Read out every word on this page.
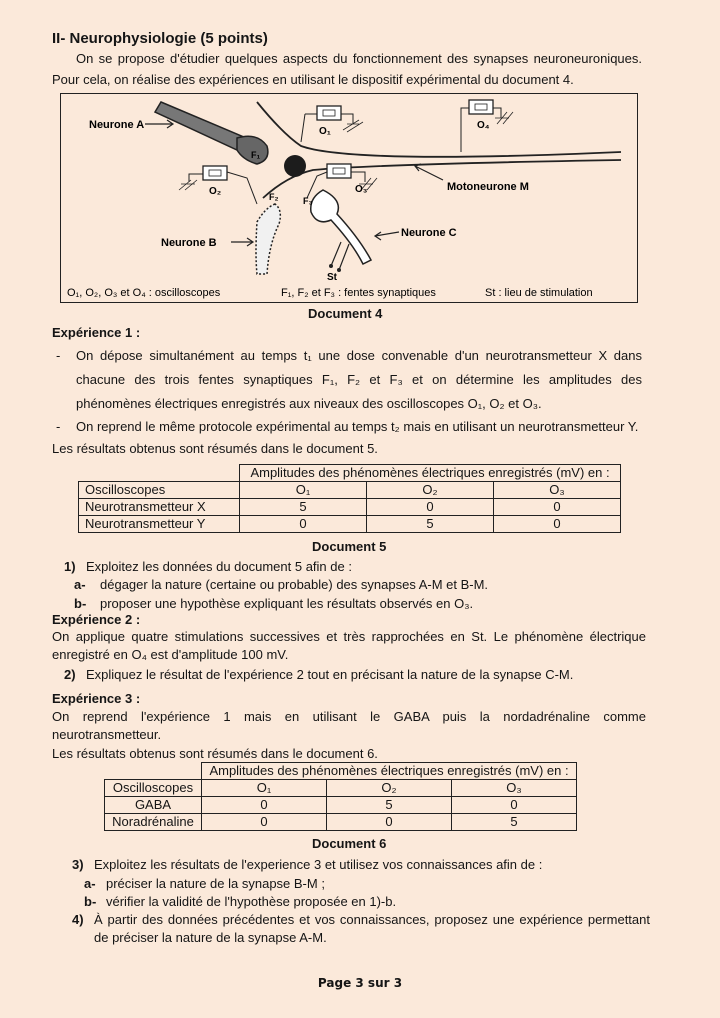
II- Neurophysiologie (5 points)
On se propose d'étudier quelques aspects du fonctionnement des synapses neuroneuroniques.
Pour cela, on réalise des expériences en utilisant le dispositif expérimental du document 4.
Neurone A
Neurone B
Neurone C
Motoneurone M
O₁
O₂	O₃
O₄
F₁
F₂	F₃
St
O₁, O₂, O₃ et O₄ : oscilloscopes	F₁, F₂ et F₃ : fentes synaptiques	St : lieu de stimulation
Document 4
Expérience 1 :
- On dépose simultanément au temps t₁ une dose convenable d'un neurotransmetteur X dans
chacune des trois fentes synaptiques F₁, F₂ et F₃ et on détermine les amplitudes des
phénomènes électriques enregistrés aux niveaux des oscilloscopes O₁, O₂ et O₃.
- On reprend le même protocole expérimental au temps t₂ mais en utilisant un neurotransmetteur Y.
Les résultats obtenus sont résumés dans le document 5.
	Amplitudes des phénomènes électriques enregistrés (mV) en :		
Oscilloscopes	O₁	O₂	O₃
Neurotransmetteur X	5	0	0
Neurotransmetteur Y	0	5	0
Document 5
1) Exploitez les données du document 5 afin de :
a- dégager la nature (certaine ou probable) des synapses A-M et B-M.
b- proposer une hypothèse expliquant les résultats observés en O₃.
Expérience 2 :
On applique quatre stimulations successives et très rapprochées en St. Le phénomène électrique
enregistré en O₄ est d'amplitude 100 mV.
2) Expliquez le résultat de l'expérience 2 tout en précisant la nature de la synapse C-M.
Expérience 3 :
On reprend l'expérience 1 mais en utilisant le GABA puis la nordadrénaline comme
neurotransmetteur.
Les résultats obtenus sont résumés dans le document 6.
	Amplitudes des phénomènes électriques enregistrés (mV) en :		
Oscilloscopes	O₁	O₂	O₃
GABA	0	5	0
Noradrénaline	0	0	5
Document 6
3) Exploitez les résultats de l'experience 3 et utilisez vos connaissances afin de :
a- préciser la nature de la synapse B-M ;
b- vérifier la validité de l'hypothèse proposée en 1)-b.
4) À partir des données précédentes et vos connaissances, proposez une expérience permettant
de préciser la nature de la synapse A-M.
Page 3 sur 3
